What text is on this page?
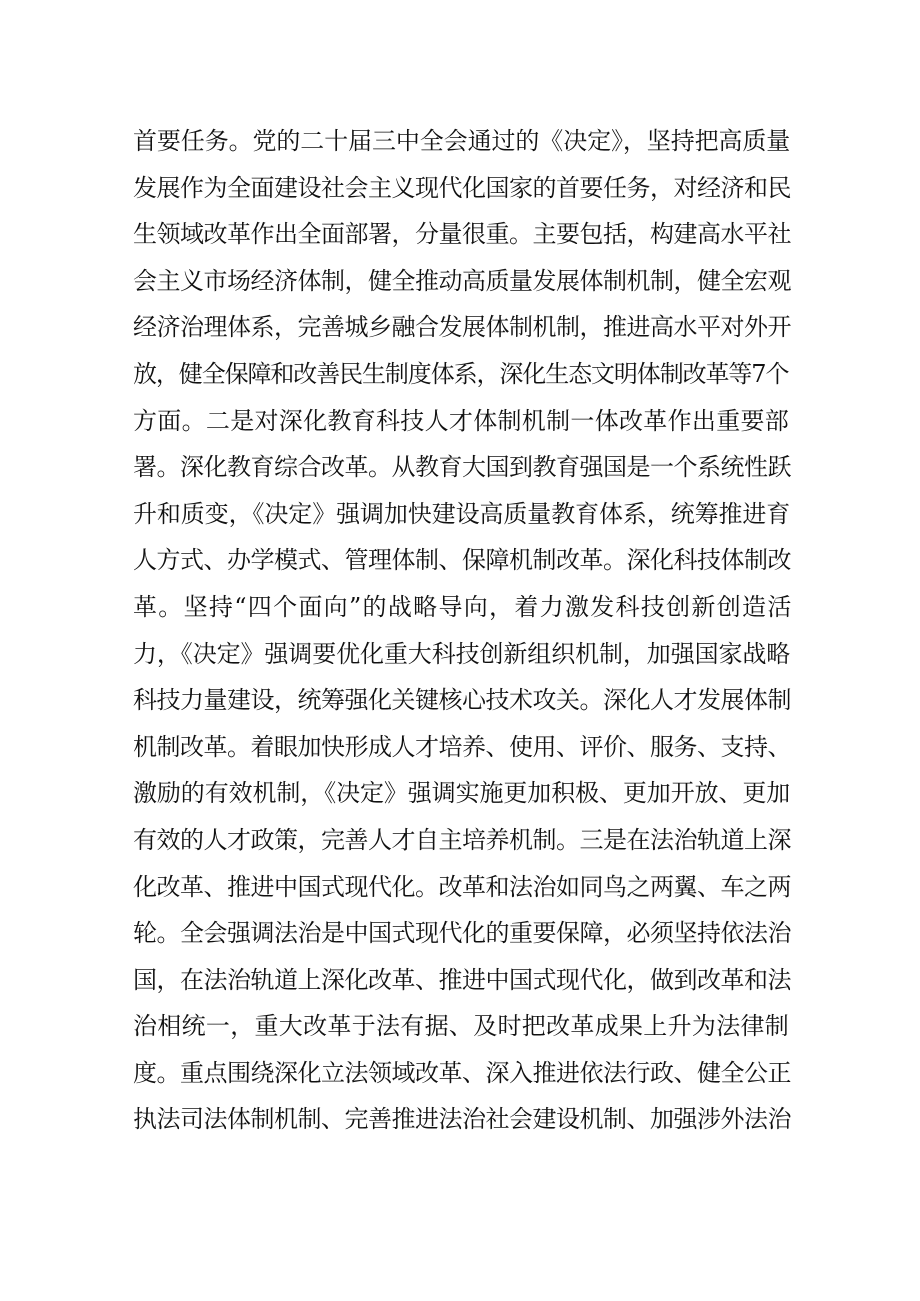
首要任务。党的二十届三中全会通过的《决定》，坚持把高质量
发展作为全面建设社会主义现代化国家的首要任务，对经济和民
生领域改革作出全面部署，分量很重。主要包括，构建高水平社
会主义市场经济体制，健全推动高质量发展体制机制，健全宏观
经济治理体系，完善城乡融合发展体制机制，推进高水平对外开
放，健全保障和改善民生制度体系，深化生态文明体制改革等7个
方面。二是对深化教育科技人才体制机制一体改革作出重要部
署。深化教育综合改革。从教育大国到教育强国是一个系统性跃
升和质变，《决定》强调加快建设高质量教育体系，统筹推进育
人方式、办学模式、管理体制、保障机制改革。深化科技体制改
革。坚持“四个面向”的战略导向，着力激发科技创新创造活
力，《决定》强调要优化重大科技创新组织机制，加强国家战略
科技力量建设，统筹强化关键核心技术攻关。深化人才发展体制
机制改革。着眼加快形成人才培养、使用、评价、服务、支持、
激励的有效机制，《决定》强调实施更加积极、更加开放、更加
有效的人才政策，完善人才自主培养机制。三是在法治轨道上深
化改革、推进中国式现代化。改革和法治如同鸟之两翼、车之两
轮。全会强调法治是中国式现代化的重要保障，必须坚持依法治
国，在法治轨道上深化改革、推进中国式现代化，做到改革和法
治相统一，重大改革于法有据、及时把改革成果上升为法律制
度。重点围绕深化立法领域改革、深入推进依法行政、健全公正
执法司法体制机制、完善推进法治社会建设机制、加强涉外法治
